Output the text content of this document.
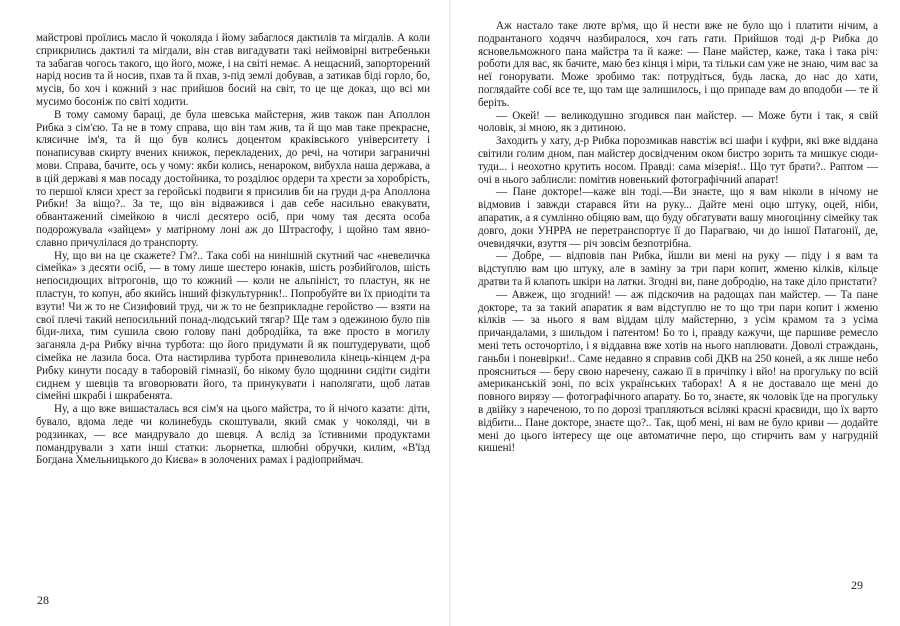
майстрові проїлись масло й чоколяда і йому забаглося дактилів та мігдалів. А коли сприкрились дактилі та мігдали, він став вигадувати такі неймовірні витребеньки та забагав чогось такого, що його, може, і на світі немає. А нещасний, запорторений нарід носив та й носив, пхав та й пхав, з-під землі добував, а затикав біді горло, бо, мусів, бо хоч і кожний з нас прийшов босий на світ, то це ще доказ, що всі ми мусимо босоніж по світі ходити.

В тому самому бараці, де була шевська майстерня, жив також пан Аполлон Рибка з сім'єю. Та не в тому справа, що він там жив, та й що мав таке прекрасне, клясичне ім'я, та й що був колись доцентом краківського університету і понаписував скирту вчених книжок, перекладених, до речі, на чотири заграничні мови. Справа, бачите, ось у чому: якби колись, ненароком, вибухла наша держава, а в цій державі я мав посаду достойника, то розділює ордери та хрести за хоробрість, то першої кляси хрест за геройські подвиги я присилив би на груди д-ра Аполлона Рибки! За віщо?.. За те, що він відважився і дав себе насильно евакувати, обвантажений сімейкою в числі десятеро осіб, при чому тая десята особа подорожувала «зайцем» у матірному лоні аж до Штрасгофу, і щойно там явно-славно причулілася до транспорту.

Ну, що ви на це скажете? Гм?.. Така собі на нинішній скутний час «невеличка сімейка» з десяти осіб, — в тому лише шестеро юнаків, шість розбийголов, шість непосидющих вітрогонів, що то кожний — коли не альпініст, то пластун, як не пластун, то копун, або якийсь інший фізкультурник!.. Попробуйте ви їх приодіти та взути! Чи ж то не Сизифовий труд, чи ж то не безприкладне геройство — взяти на свої плечі такий непосильний понад-людський тягар? Ще там з одежиною було пів біди-лиха, тим сушила свою голову пані добродійка, та вже просто в могилу заганяла д-ра Рибку вічна турбота: що його придумати й як поштудерувати, щоб сімейка не лазила боса. Ота настирлива турбота приневолила кінець-кінцем д-ра Рибку кинути посаду в таборовій гімназії, бо нікому було щоднини сидіти сидіти сиднем у шевців та вговорювати його, та принукувати і наполягати, щоб латав сімейні шкрабі і шкрабенята.

Ну, а що вже вишасталась вся сім'я на цього майстра, то й нічого казати: діти, бувало, вдома леде чи колинебудь скоштували, який смак у чоколяді, чи в родзинках, — все мандрувало до шевця. А вслід за їстивними продуктами помандрували з хати інші статки: льорнетка, шлюбні обручки, килим, «В'їзд Богдана Хмельницького до Києва» в золочених рамах і радіоприймач.

28

Аж настало таке люте вр'мя, що й нести вже не було що і платити нічим, а подрантаного ходячч назбиралося, хоч гать гати. Прийшов тоді д-р Рибка до ясновельможного пана майстра та й каже: — Пане майстер, каже, така і така річ: роботи для вас, як бачите, маю без кінця і міри, та тільки сам уже не знаю, чим вас за неї гонорувати. Може зробимо так: потрудіться, будь ласка, до нас до хати, поглядайте собі все те, що там ще залишилось, і що припаде вам до вподоби — те й беріть.

— Окей! — великодушно згодився пан майстер. — Може бути і так, я свій чоловік, зі мною, як з дитиною.

Заходить у хату, д-р Рибка порозмикав навстіж всі шафи і куфри, які вже віддана світили голим дном, пан майстер досвідченим оком бистро зорить та мишкує сюди-туди... і неохотно крутить носом. Правді: сама мізерія!.. Що тут брати?.. Раптом — очі в нього заблисли: помітив новенький фотографічний апарат!

— Пане докторе!—каже він тоді.—Ви знаєте, що я вам ніколи в нічому не відмовив і завжди старався йти на руку... Дайте мені оцю штуку, оцей, ніби, апаратик, а я сумлінно обіцяю вам, що буду обгатувати вашу многоцінну сімейку так довго, доки УНРРА не перетранспортує її до Парагваю, чи до іншої Патагонії, де, очевидячки, взуття — річ зовсім безпотрібна.

— Добре, — відповів пан Рибка, йшли ви мені на руку — піду і я вам та відступлю вам цю штуку, але в заміну за три пари копит, жменю кілків, кільце дратви та й клапоть шкіри на латки. Згодні ви, пане добродію, на таке діло пристати?

— Авжеж, що згодний! — аж підскочив на радощах пан майстер. — Та пане докторе, та за такий апаратик я вам відступлю не то що три пари копит і жменю кілків — за нього я вам віддам цілу майстерню, з усім крамом та з усіма причандалами, з шильдом і патентом! Бо то і, правду кажучи, ще паршиве ремесло мені теть осточортіло, і я віддавна вже хотів на нього наплювати. Доволі страждань, ганьби і поневірки!.. Саме недавно я справив собі ДКВ на 250 коней, а як лише небо проясниться — беру свою наречену, сажаю її в причіпку і вйо! на прогульку по всій американській зоні, по всіх українських таборах! А я не доставало ще мені до повного вирязу — фотографічного апарату. Бо то, знаєте, як чоловік їде на прогульку в двійку з нареченою, то по дорозі трапляються всілякі красні краєвиди, що їх варто відбити... Пане докторе, знаєте що?.. Так, щоб мені, ні вам не було криви — додайте мені до цього інтересу ще оце автоматичне перо, що стирчить вам у нагрудній кишені!

29
